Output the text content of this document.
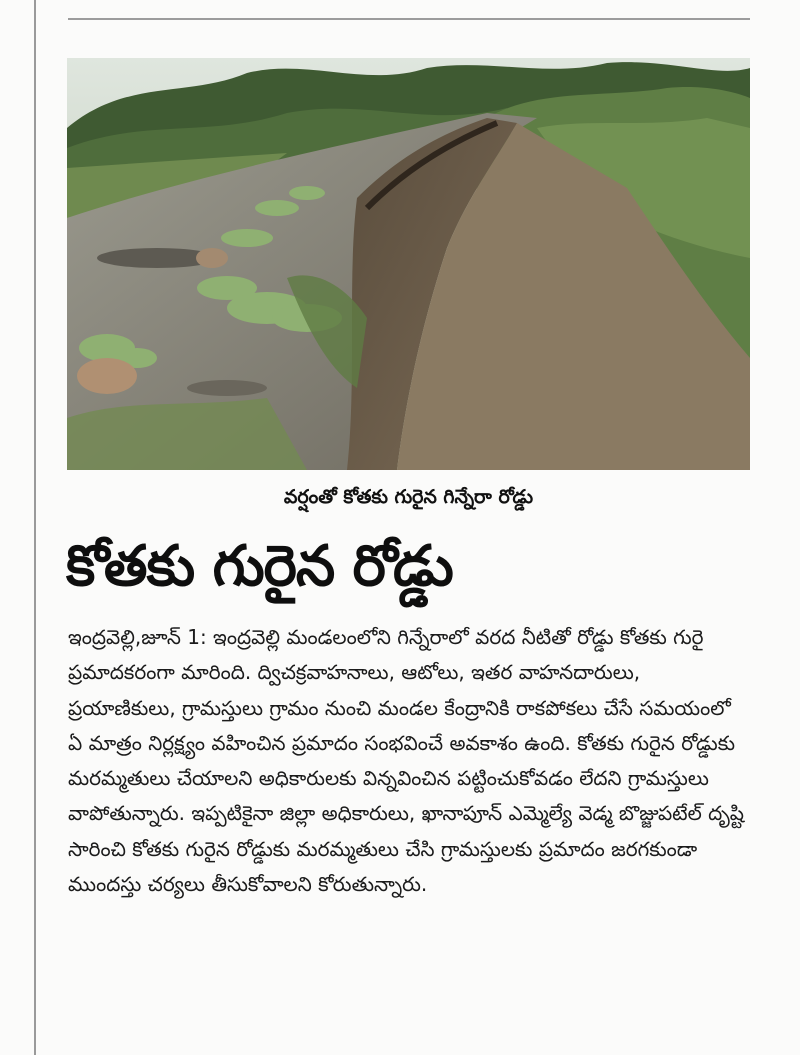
వర్షంతో కోతకు గురైన గిన్నేరా రోడ్డు
కోతకు గురైన రోడ్డు

ఇంద్రవెల్లి,జూన్ 1: ఇంద్రవెల్లి మండలంలోని గిన్నేరాలో వరద నీటితో రోడ్డు కోతకు గురై ప్రమాదకరంగా మారింది. ద్విచక్రవాహనాలు, ఆటోలు, ఇతర వాహనదారులు, ప్రయాణికులు, గ్రామస్తులు గ్రామం నుంచి మండల కేంద్రానికి రాకపోకలు చేసే సమయంలో ఏ మాత్రం నిర్లక్ష్యం వహించిన ప్రమాదం సంభవించే అవకాశం ఉంది. కోతకు గురైన రోడ్డుకు మరమ్మతులు చేయాలని అధికారులకు విన్నవించిన పట్టించుకోవడం లేదని గ్రామస్తులు వాపోతున్నారు. ఇప్పటికైనా జిల్లా అధికారులు, ఖానాపూన్ ఎమ్మెల్యే వెడ్మ బొజ్జుపటేల్ దృష్టి సారించి కోతకు గురైన రోడ్డుకు మరమ్మతులు చేసి గ్రామస్తులకు ప్రమాదం జరగకుండా ముందస్తు చర్యలు తీసుకోవాలని కోరుతున్నారు.
